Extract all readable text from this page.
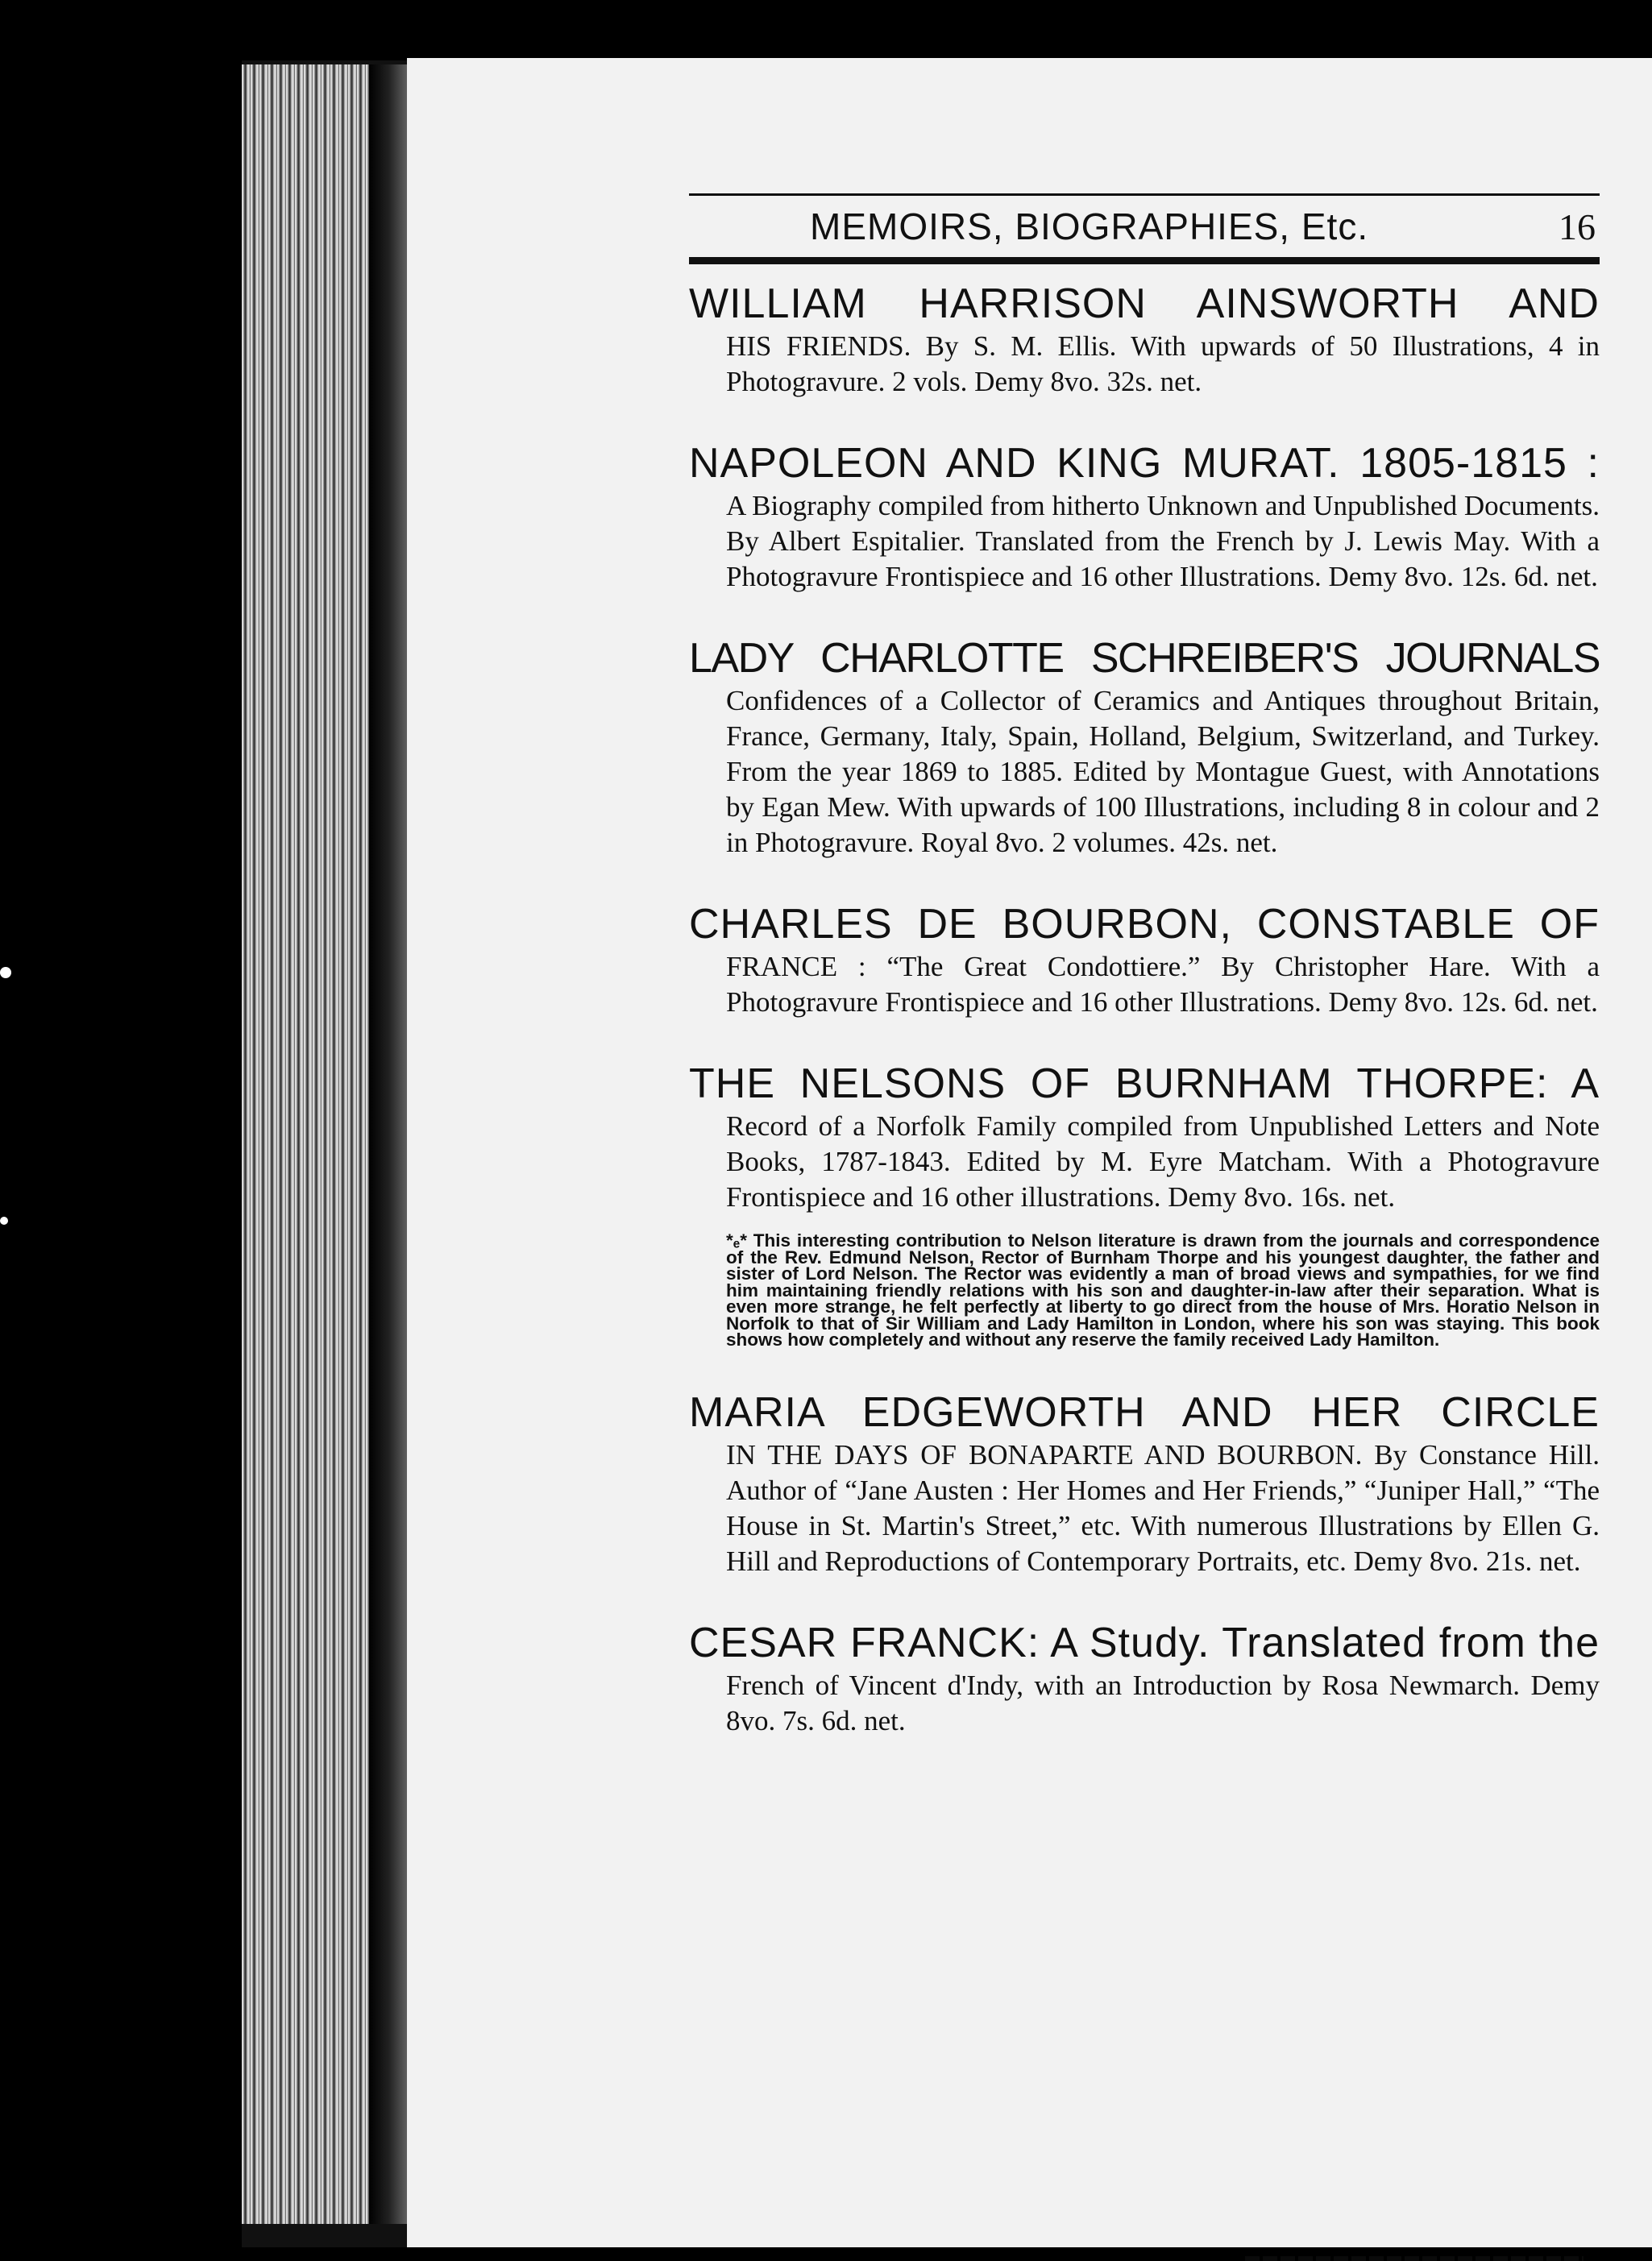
MEMOIRS, BIOGRAPHIES, Etc.	16
WILLIAM HARRISON AINSWORTH AND
HIS FRIENDS. By S. M. Ellis. With upwards of 50 Illustrations, 4 in Photogravure. 2 vols. Demy 8vo. 32s. net.
NAPOLEON AND KING MURAT. 1805-1815 :
A Biography compiled from hitherto Unknown and Unpublished Documents. By Albert Espitalier. Translated from the French by J. Lewis May. With a Photogravure Frontispiece and 16 other Illustrations. Demy 8vo. 12s. 6d. net.
LADY CHARLOTTE SCHREIBER'S JOURNALS
Confidences of a Collector of Ceramics and Antiques throughout Britain, France, Germany, Italy, Spain, Holland, Belgium, Switzerland, and Turkey. From the year 1869 to 1885. Edited by Montague Guest, with Annotations by Egan Mew. With upwards of 100 Illustrations, including 8 in colour and 2 in Photogravure. Royal 8vo. 2 volumes. 42s. net.
CHARLES DE BOURBON, CONSTABLE OF
FRANCE : “The Great Condottiere.” By Christopher Hare. With a Photogravure Frontispiece and 16 other Illustrations. Demy 8vo. 12s. 6d. net.
THE NELSONS OF BURNHAM THORPE: A
Record of a Norfolk Family compiled from Unpublished Letters and Note Books, 1787-1843. Edited by M. Eyre Matcham. With a Photogravure Frontispiece and 16 other illustrations. Demy 8vo. 16s. net.
*ₑ* This interesting contribution to Nelson literature is drawn from the journals and correspondence of the Rev. Edmund Nelson, Rector of Burnham Thorpe and his youngest daughter, the father and sister of Lord Nelson. The Rector was evidently a man of broad views and sympathies, for we find him maintaining friendly relations with his son and daughter-in-law after their separation. What is even more strange, he felt perfectly at liberty to go direct from the house of Mrs. Horatio Nelson in Norfolk to that of Sir William and Lady Hamilton in London, where his son was staying. This book shows how completely and without any reserve the family received Lady Hamilton.
MARIA EDGEWORTH AND HER CIRCLE
IN THE DAYS OF BONAPARTE AND BOURBON. By Constance Hill. Author of “Jane Austen : Her Homes and Her Friends,” “Juniper Hall,” “The House in St. Martin's Street,” etc. With numerous Illustrations by Ellen G. Hill and Reproductions of Contemporary Portraits, etc. Demy 8vo. 21s. net.
CESAR FRANCK: A Study. Translated from the
French of Vincent d'Indy, with an Introduction by Rosa Newmarch. Demy 8vo. 7s. 6d. net.
